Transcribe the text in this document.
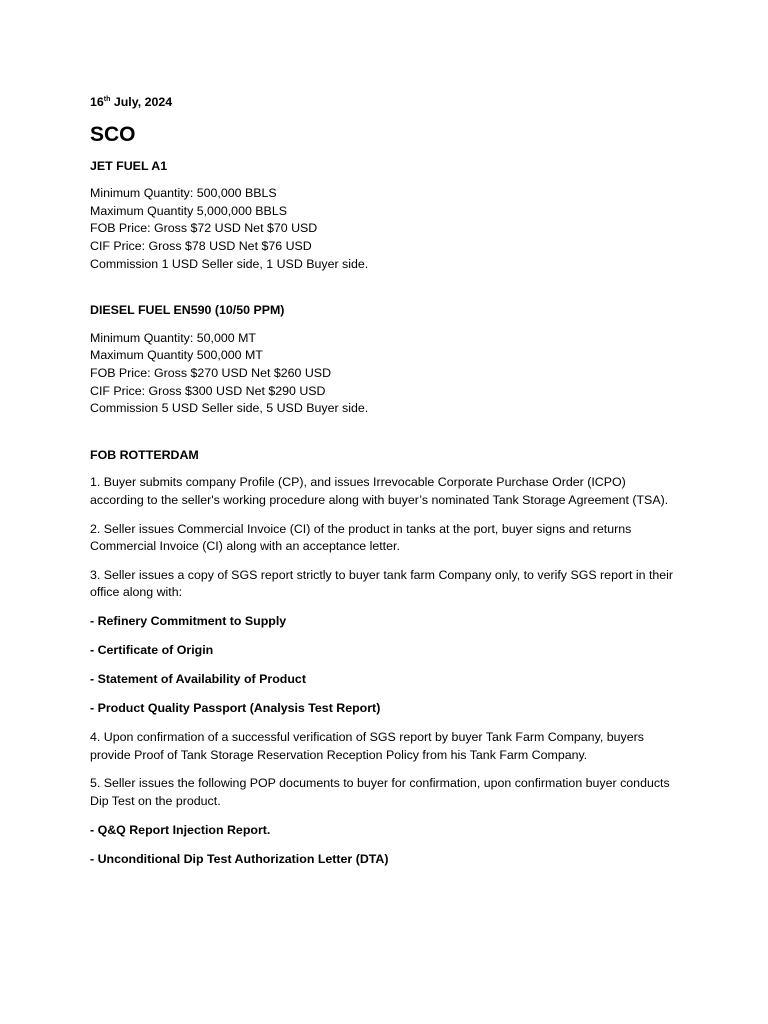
16th July, 2024
SCO
JET FUEL A1
Minimum Quantity: 500,000 BBLS
Maximum Quantity 5,000,000 BBLS
FOB Price: Gross $72 USD Net $70 USD
CIF Price: Gross $78 USD Net $76 USD
Commission 1 USD Seller side, 1 USD Buyer side.
DIESEL FUEL EN590 (10/50 PPM)
Minimum Quantity: 50,000 MT
Maximum Quantity 500,000 MT
FOB Price: Gross $270 USD Net $260 USD
CIF Price: Gross $300 USD Net $290 USD
Commission 5 USD Seller side, 5 USD Buyer side.
FOB ROTTERDAM

1. Buyer submits company Profile (CP), and issues Irrevocable Corporate Purchase Order (ICPO) according to the seller's working procedure along with buyer’s nominated Tank Storage Agreement (TSA).

2. Seller issues Commercial Invoice (CI) of the product in tanks at the port, buyer signs and returns Commercial Invoice (CI) along with an acceptance letter.

3. Seller issues a copy of SGS report strictly to buyer tank farm Company only, to verify SGS report in their office along with:

- Refinery Commitment to Supply
- Certificate of Origin
- Statement of Availability of Product
- Product Quality Passport (Analysis Test Report)

4. Upon confirmation of a successful verification of SGS report by buyer Tank Farm Company, buyers provide Proof of Tank Storage Reservation Reception Policy from his Tank Farm Company.

5. Seller issues the following POP documents to buyer for confirmation, upon confirmation buyer conducts Dip Test on the product.

- Q&Q Report Injection Report.
- Unconditional Dip Test Authorization Letter (DTA)
